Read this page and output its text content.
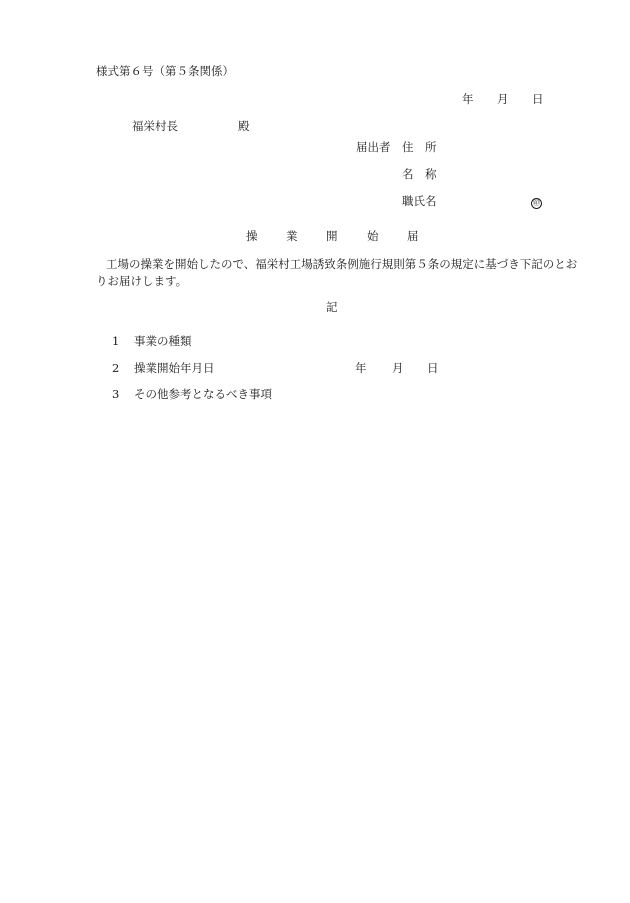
様式第６号（第５条関係）
年 月 日
福栄村長	殿
届出者 住　所
名　称
職氏名	㊞
操 業 開	始 届
工場の操業を開始したので、福栄村工場誘致条例施行規則第５条の規定に基づき下記のとおりお届けします。
記
1 事業の種類
2 操業開始年月日	年 月 日
3 その他参考となるべき事項
